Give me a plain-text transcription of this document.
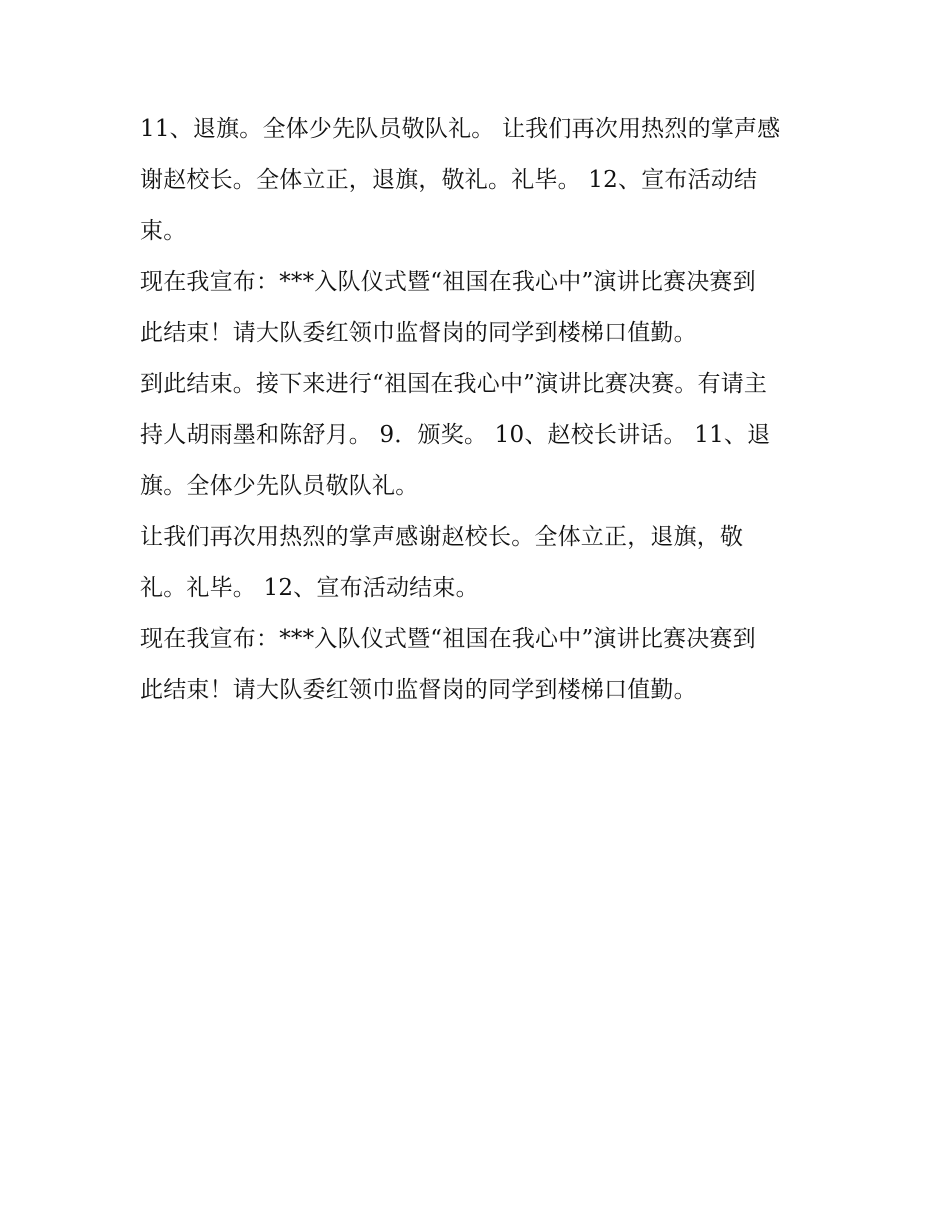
11、退旗。全体少先队员敬队礼。 让我们再次用热烈的掌声感
谢赵校长。全体立正，退旗，敬礼。礼毕。 12、宣布活动结
束。
现在我宣布：***入队仪式暨“祖国在我心中”演讲比赛决赛到
此结束！请大队委红领巾监督岗的同学到楼梯口值勤。
到此结束。接下来进行“祖国在我心中”演讲比赛决赛。有请主
持人胡雨墨和陈舒月。 9．颁奖。 10、赵校长讲话。 11、退
旗。全体少先队员敬队礼。
让我们再次用热烈的掌声感谢赵校长。全体立正，退旗，敬
礼。礼毕。 12、宣布活动结束。
现在我宣布：***入队仪式暨“祖国在我心中”演讲比赛决赛到
此结束！请大队委红领巾监督岗的同学到楼梯口值勤。
